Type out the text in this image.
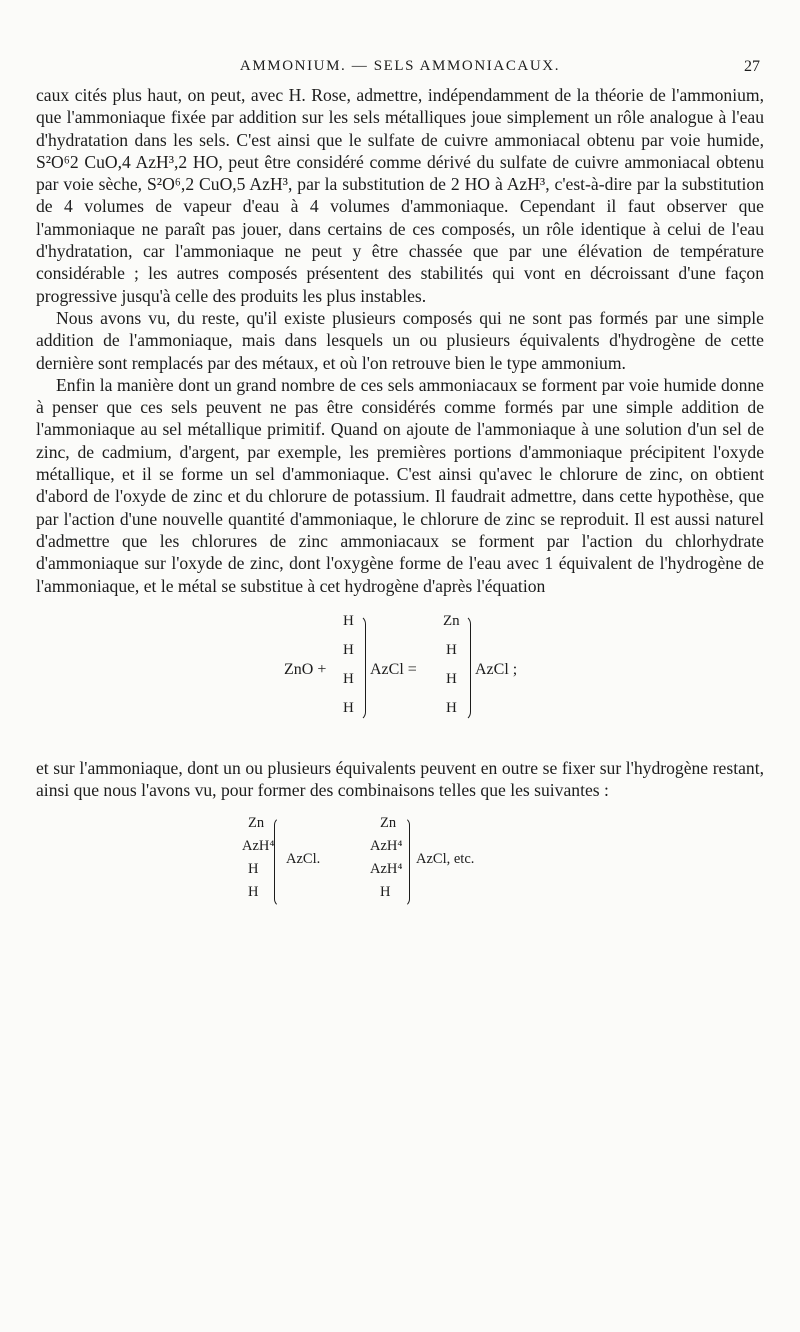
AMMONIUM. — SELS AMMONIACAUX.	27

caux cités plus haut, on peut, avec H. Rose, admettre, indépendamment de la théorie de l'ammonium, que l'ammoniaque fixée par addition sur les sels métalliques joue simplement un rôle analogue à l'eau d'hydratation dans les sels. C'est ainsi que le sulfate de cuivre ammoniacal obtenu par voie humide, S²O⁶2 CuO,4 AzH³,2 HO, peut être considéré comme dérivé du sulfate de cuivre ammoniacal obtenu par voie sèche, S²O⁶,2 CuO,5 AzH³, par la substitution de 2 HO à AzH³, c'est-à-dire par la substitution de 4 volumes de vapeur d'eau à 4 volumes d'ammoniaque. Cependant il faut observer que l'ammoniaque ne paraît pas jouer, dans certains de ces composés, un rôle identique à celui de l'eau d'hydratation, car l'ammoniaque ne peut y être chassée que par une élévation de température considérable ; les autres composés présentent des stabilités qui vont en décroissant d'une façon progressive jusqu'à celle des produits les plus instables.

Nous avons vu, du reste, qu'il existe plusieurs composés qui ne sont pas formés par une simple addition de l'ammoniaque, mais dans lesquels un ou plusieurs équivalents d'hydrogène de cette dernière sont remplacés par des métaux, et où l'on retrouve bien le type ammonium.

Enfin la manière dont un grand nombre de ces sels ammoniacaux se forment par voie humide donne à penser que ces sels peuvent ne pas être considérés comme formés par une simple addition de l'ammoniaque au sel métallique primitif. Quand on ajoute de l'ammoniaque à une solution d'un sel de zinc, de cadmium, d'argent, par exemple, les premières portions d'ammoniaque précipitent l'oxyde métallique, et il se forme un sel d'ammoniaque. C'est ainsi qu'avec le chlorure de zinc, on obtient d'abord de l'oxyde de zinc et du chlorure de potassium. Il faudrait admettre, dans cette hypothèse, que par l'action d'une nouvelle quantité d'ammoniaque, le chlorure de zinc se reproduit. Il est aussi naturel d'admettre que les chlorures de zinc ammoniacaux se forment par l'action du chlorhydrate d'ammoniaque sur l'oxyde de zinc, dont l'oxygène forme de l'eau avec 1 équivalent de l'hydrogène de l'ammoniaque, et le métal se substitue à cet hydrogène d'après l'équation

ZnO +
H
H
H
H
AzCl =
Zn
H
H
H
AzCl ;

et sur l'ammoniaque, dont un ou plusieurs équivalents peuvent en outre se fixer sur l'hydrogène restant, ainsi que nous l'avons vu, pour former des combinaisons telles que les suivantes :

Zn
AzH⁴
H
H
AzCl.
Zn
AzH⁴
AzH⁴
H
AzCl, etc.
